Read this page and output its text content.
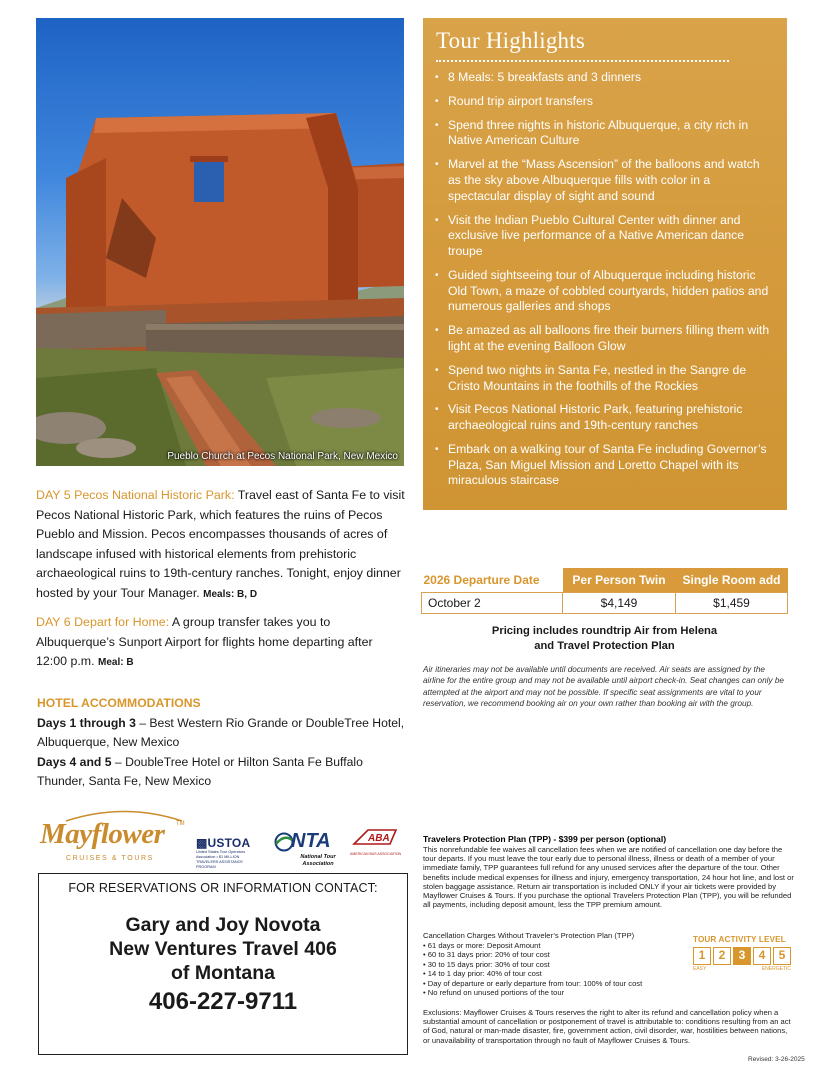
Pueblo Church at Pecos National Park, New Mexico
Tour Highlights
• 8 Meals: 5 breakfasts and 3 dinners
• Round trip airport transfers
• Spend three nights in historic Albuquerque, a city rich in Native American Culture
• Marvel at the “Mass Ascension” of the balloons and watch as the sky above Albuquerque fills with color in a spectacular display of sight and sound
• Visit the Indian Pueblo Cultural Center with dinner and exclusive live performance of a Native American dance troupe
• Guided sightseeing tour of Albuquerque including historic Old Town, a maze of cobbled courtyards, hidden patios and numerous galleries and shops
• Be amazed as all balloons fire their burners filling them with light at the evening Balloon Glow
• Spend two nights in Santa Fe, nestled in the Sangre de Cristo Mountains in the foothills of the Rockies
• Visit Pecos National Historic Park, featuring prehistoric archaeological ruins and 19th-century ranches
• Embark on a walking tour of Santa Fe including Governor’s Plaza, San Miguel Mission and Loretto Chapel with its miraculous staircase
DAY 5 Pecos National Historic Park: Travel east of Santa Fe to visit Pecos National Historic Park, which features the ruins of Pecos Pueblo and Mission. Pecos encompasses thousands of acres of landscape infused with historical elements from prehistoric archaeological ruins to 19th-century ranches. Tonight, enjoy dinner hosted by your Tour Manager. Meals: B, D
DAY 6 Depart for Home: A group transfer takes you to Albuquerque’s Sunport Airport for flights home departing after 12:00 p.m. Meal: B
HOTEL ACCOMMODATIONS
Days 1 through 3 – Best Western Rio Grande or DoubleTree Hotel, Albuquerque, New Mexico
Days 4 and 5 – DoubleTree Hotel or Hilton Santa Fe Buffalo Thunder, Santa Fe, New Mexico
2026 Departure Date	Per Person Twin	Single Room add
October 2	$4,149	$1,459
Pricing includes roundtrip Air from Helena
and Travel Protection Plan
Air itineraries may not be available until documents are received. Air seats are assigned by the airline for the entire group and may not be available until airport check-in. Seat changes can only be attempted at the airport and may not be possible. If specific seat assignments are vital to your reservation, we recommend booking air on your own rather than booking air with the group.
Mayflower TM
CRUISES & TOURS
▩USTOA
United States Tour Operators Association • $1 MILLION TRAVELERS ASSISTANCE PROGRAM
NTA
National Tour Association
ABA
AMERICAN BUS ASSOCIATION
FOR RESERVATIONS OR INFORMATION CONTACT:
Gary and Joy Novota
New Ventures Travel 406
of Montana
406-227-9711
Travelers Protection Plan (TPP) - $399 per person (optional)
This nonrefundable fee waives all cancellation fees when we are notified of cancellation one day before the tour departs. If you must leave the tour early due to personal illness, illness or death of a member of your immediate family, TPP guarantees full refund for any unused services after the departure of the tour. Other benefits include medical expenses for illness and injury, emergency transportation, 24 hour hot line, and lost or stolen baggage assistance. Return air transportation is included ONLY if your air tickets were provided by Mayflower Cruises & Tours. If you purchase the optional Travelers Protection Plan (TPP), you will be refunded all payments, including deposit amount, less the TPP premium amount.
Cancellation Charges Without Traveler’s Protection Plan (TPP)
• 61 days or more: Deposit Amount
• 60 to 31 days prior: 20% of tour cost
• 30 to 15 days prior: 30% of tour cost
• 14 to 1 day prior: 40% of tour cost
• Day of departure or early departure from tour: 100% of tour cost
• No refund on unused portions of the tour
TOUR ACTIVITY LEVEL
1	2	3	4	5
EASY	ENERGETIC
Exclusions: Mayflower Cruises & Tours reserves the right to alter its refund and cancellation policy when a substantial amount of cancellation or postponement of travel is attributable to: conditions resulting from an act of God, natural or man-made disaster, fire, government action, civil disorder, war, hostilities between nations, or unavailability of transportation through no fault of Mayflower Cruises & Tours.
Revised: 3-26-2025
